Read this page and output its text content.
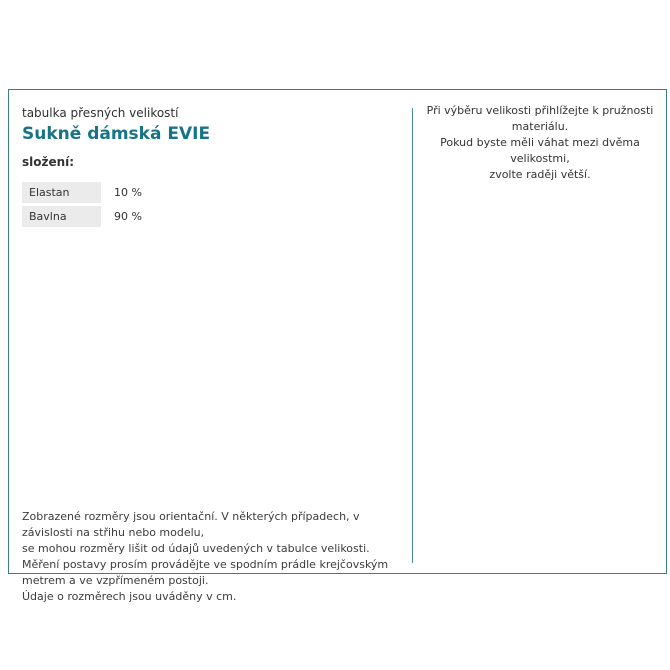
tabulka přesných velikostí
Sukně dámská EVIE
složení:
Elastan	10 %
Bavlna	90 %
Zobrazené rozměry jsou orientační. V některých případech, v závislosti na střihu nebo modelu,
se mohou rozměry lišit od údajů uvedených v tabulce velikosti.
Měření postavy prosím provádějte ve spodním prádle krejčovským metrem a ve vzpřímeném postoji.
Údaje o rozměrech jsou uváděny v cm.
Při výběru velikosti přihlížejte k pružnosti materiálu.
Pokud byste měli váhat mezi dvěma velikostmi,
zvolte raději větší.
